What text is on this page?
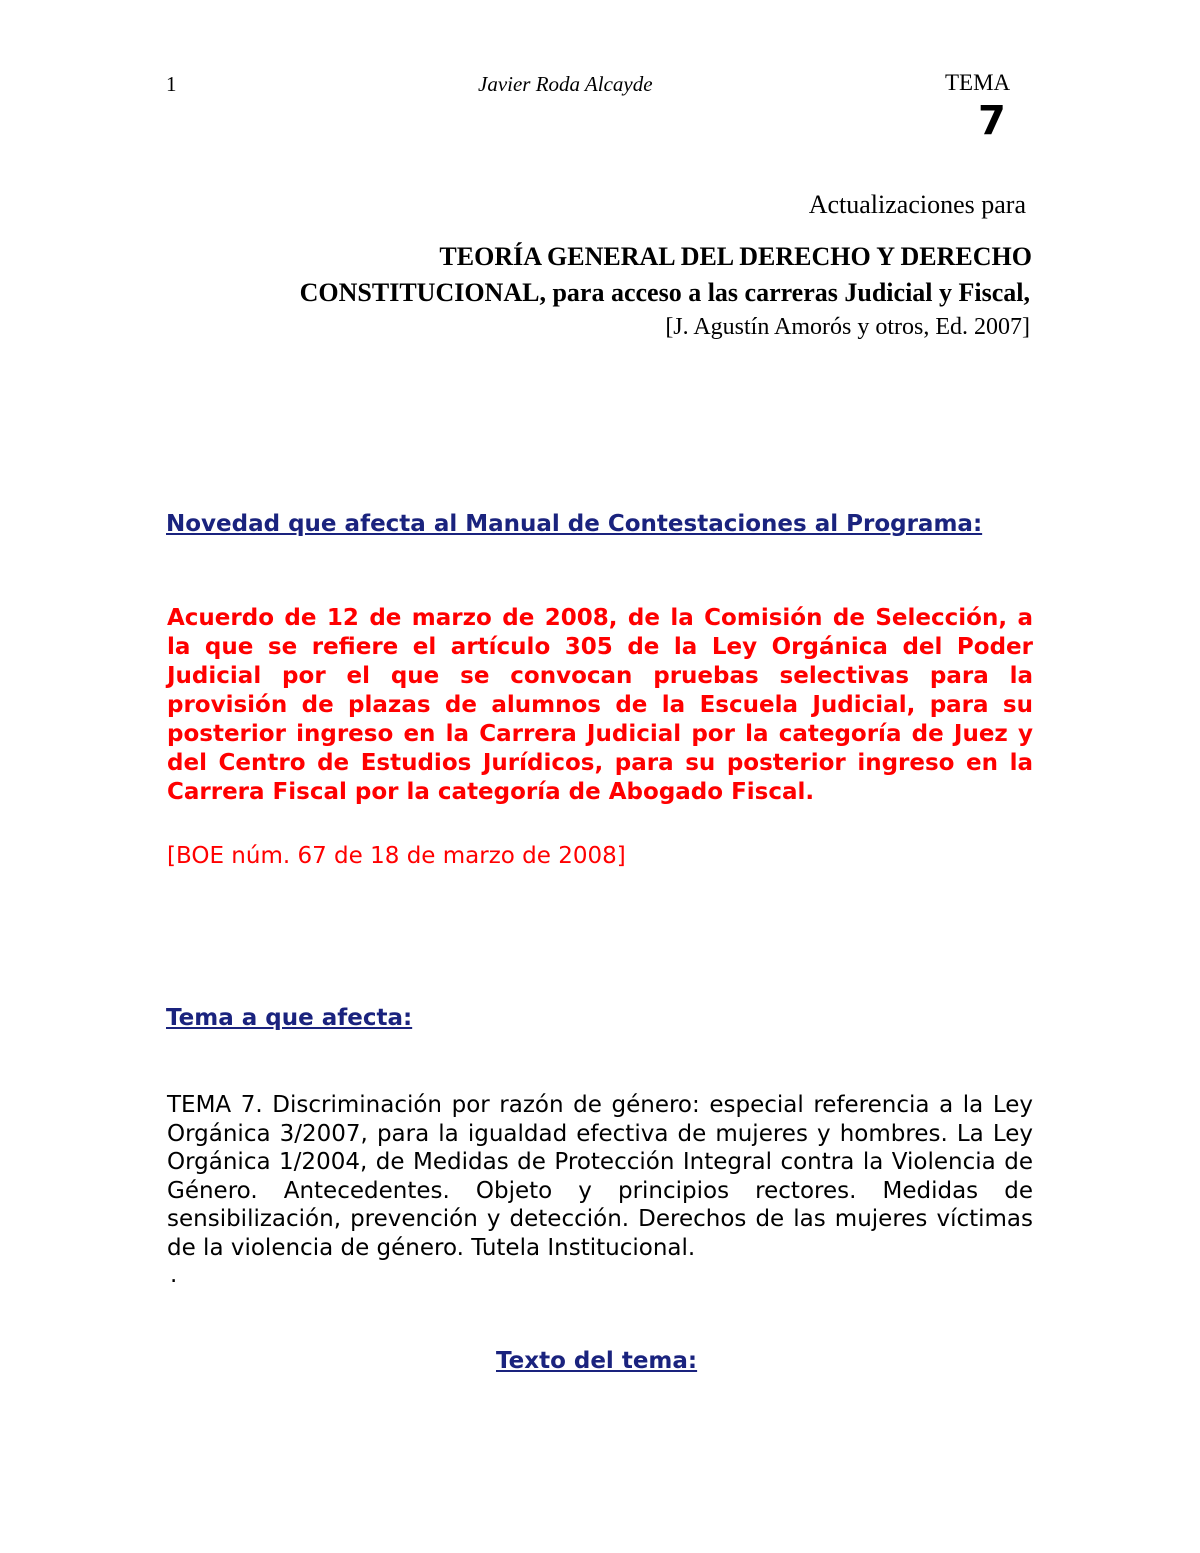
1	Javier Roda Alcayde	TEMA
7
Actualizaciones para
TEORÍA GENERAL DEL DERECHO Y DERECHO
CONSTITUCIONAL, para acceso a las carreras Judicial y Fiscal,
[J. Agustín Amorós y otros, Ed. 2007]
Novedad que afecta al Manual de Contestaciones al Programa:
Acuerdo de 12 de marzo de 2008, de la Comisión de Selección, a la que se refiere el artículo 305 de la Ley Orgánica del Poder Judicial por el que se convocan pruebas selectivas para la provisión de plazas de alumnos de la Escuela Judicial, para su posterior ingreso en la Carrera Judicial por la categoría de Juez y del Centro de Estudios Jurídicos, para su posterior ingreso en la Carrera Fiscal por la categoría de Abogado Fiscal.
[BOE núm. 67 de 18 de marzo de 2008]
Tema a que afecta:
TEMA 7. Discriminación por razón de género: especial referencia a la Ley Orgánica 3/2007, para la igualdad efectiva de mujeres y hombres. La Ley Orgánica 1/2004, de Medidas de Protección Integral contra la Violencia de Género. Antecedentes. Objeto y principios rectores. Medidas de sensibilización, prevención y detección. Derechos de las mujeres víctimas de la violencia de género. Tutela Institucional.
.
Texto del tema:
